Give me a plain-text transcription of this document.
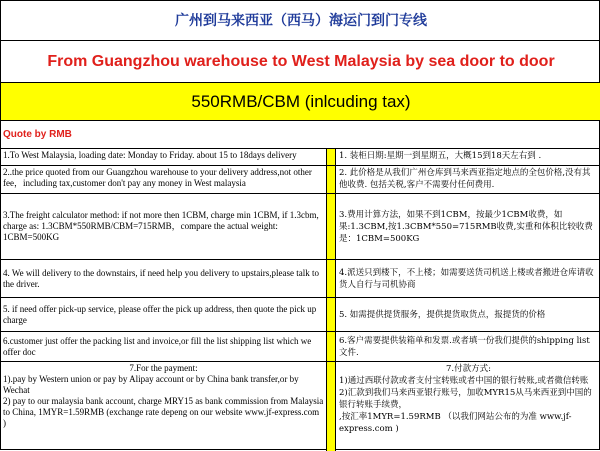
广州到马来西亚（西马）海运门到门专线
From Guangzhou warehouse to West Malaysia by sea door to door
550RMB/CBM (inlcuding tax)
Quote by RMB
1.To West Malaysia, loading date: Monday to Friday. about 15 to 18days delivery	1. 装柜日期:星期一到星期五，大概15到18天左右到 .
2..the price quoted from our Guangzhou warehouse to your delivery address,not other fee，including tax,customer don't pay any money in West malaysia
2. 此价格是从我们广州仓库到马来西亚指定地点的全包价格,没有其他收费. 包括关税,客户不需要付任何费用.
3.The freight calculator method: if not more then 1CBM, charge min 1CBM, if 1.3cbm, charge as: 1.3CBM*550RMB/CBM=715RMB，compare the actual weight: 1CBM=500KG
3.费用计算方法，如果不到1CBM，按最少1CBM收费，如果:1.3CBM,按1.3CBM*550=715RMB收费,实重和体积比较收费是：1CBM=500KG
4. We will delivery to the downstairs, if need help you delivery to upstairs,please talk to the driver.
4.派送只到楼下，不上楼；如需要送货司机送上楼或者搬进仓库请收货人自行与司机协商
5. if need offer pick-up service, please offer the pick up address, then quote the pick up charge	5. 如需提供提货服务，提供提货取货点，报提货的价格
6.customer just offer the packing list and invoice,or fill the list shipping list which we offer doc
6.客户需要提供装箱单和发票.或者填一份我们提供的shipping list文件.
7.For the payment:
1).pay by Western union or pay by Alipay account or by China bank transfer,or by Wechat
2) pay to our malaysia bank account, charge MRY15 as bank commission from Malaysia to China, 1MYR=1.59RMB (exchange rate depeng on our website www.jf-express.com )
7.付款方式:
1)通过西联付款或者支付宝转账或者中国的银行转账,或者微信转账
2)汇款到我们马来西亚银行账号，加收MYR15从马来西亚到中国的银行转账手续费，
,按汇率1MYR=1.59RMB （以我们网站公布的为准 www.jf-express.com )
